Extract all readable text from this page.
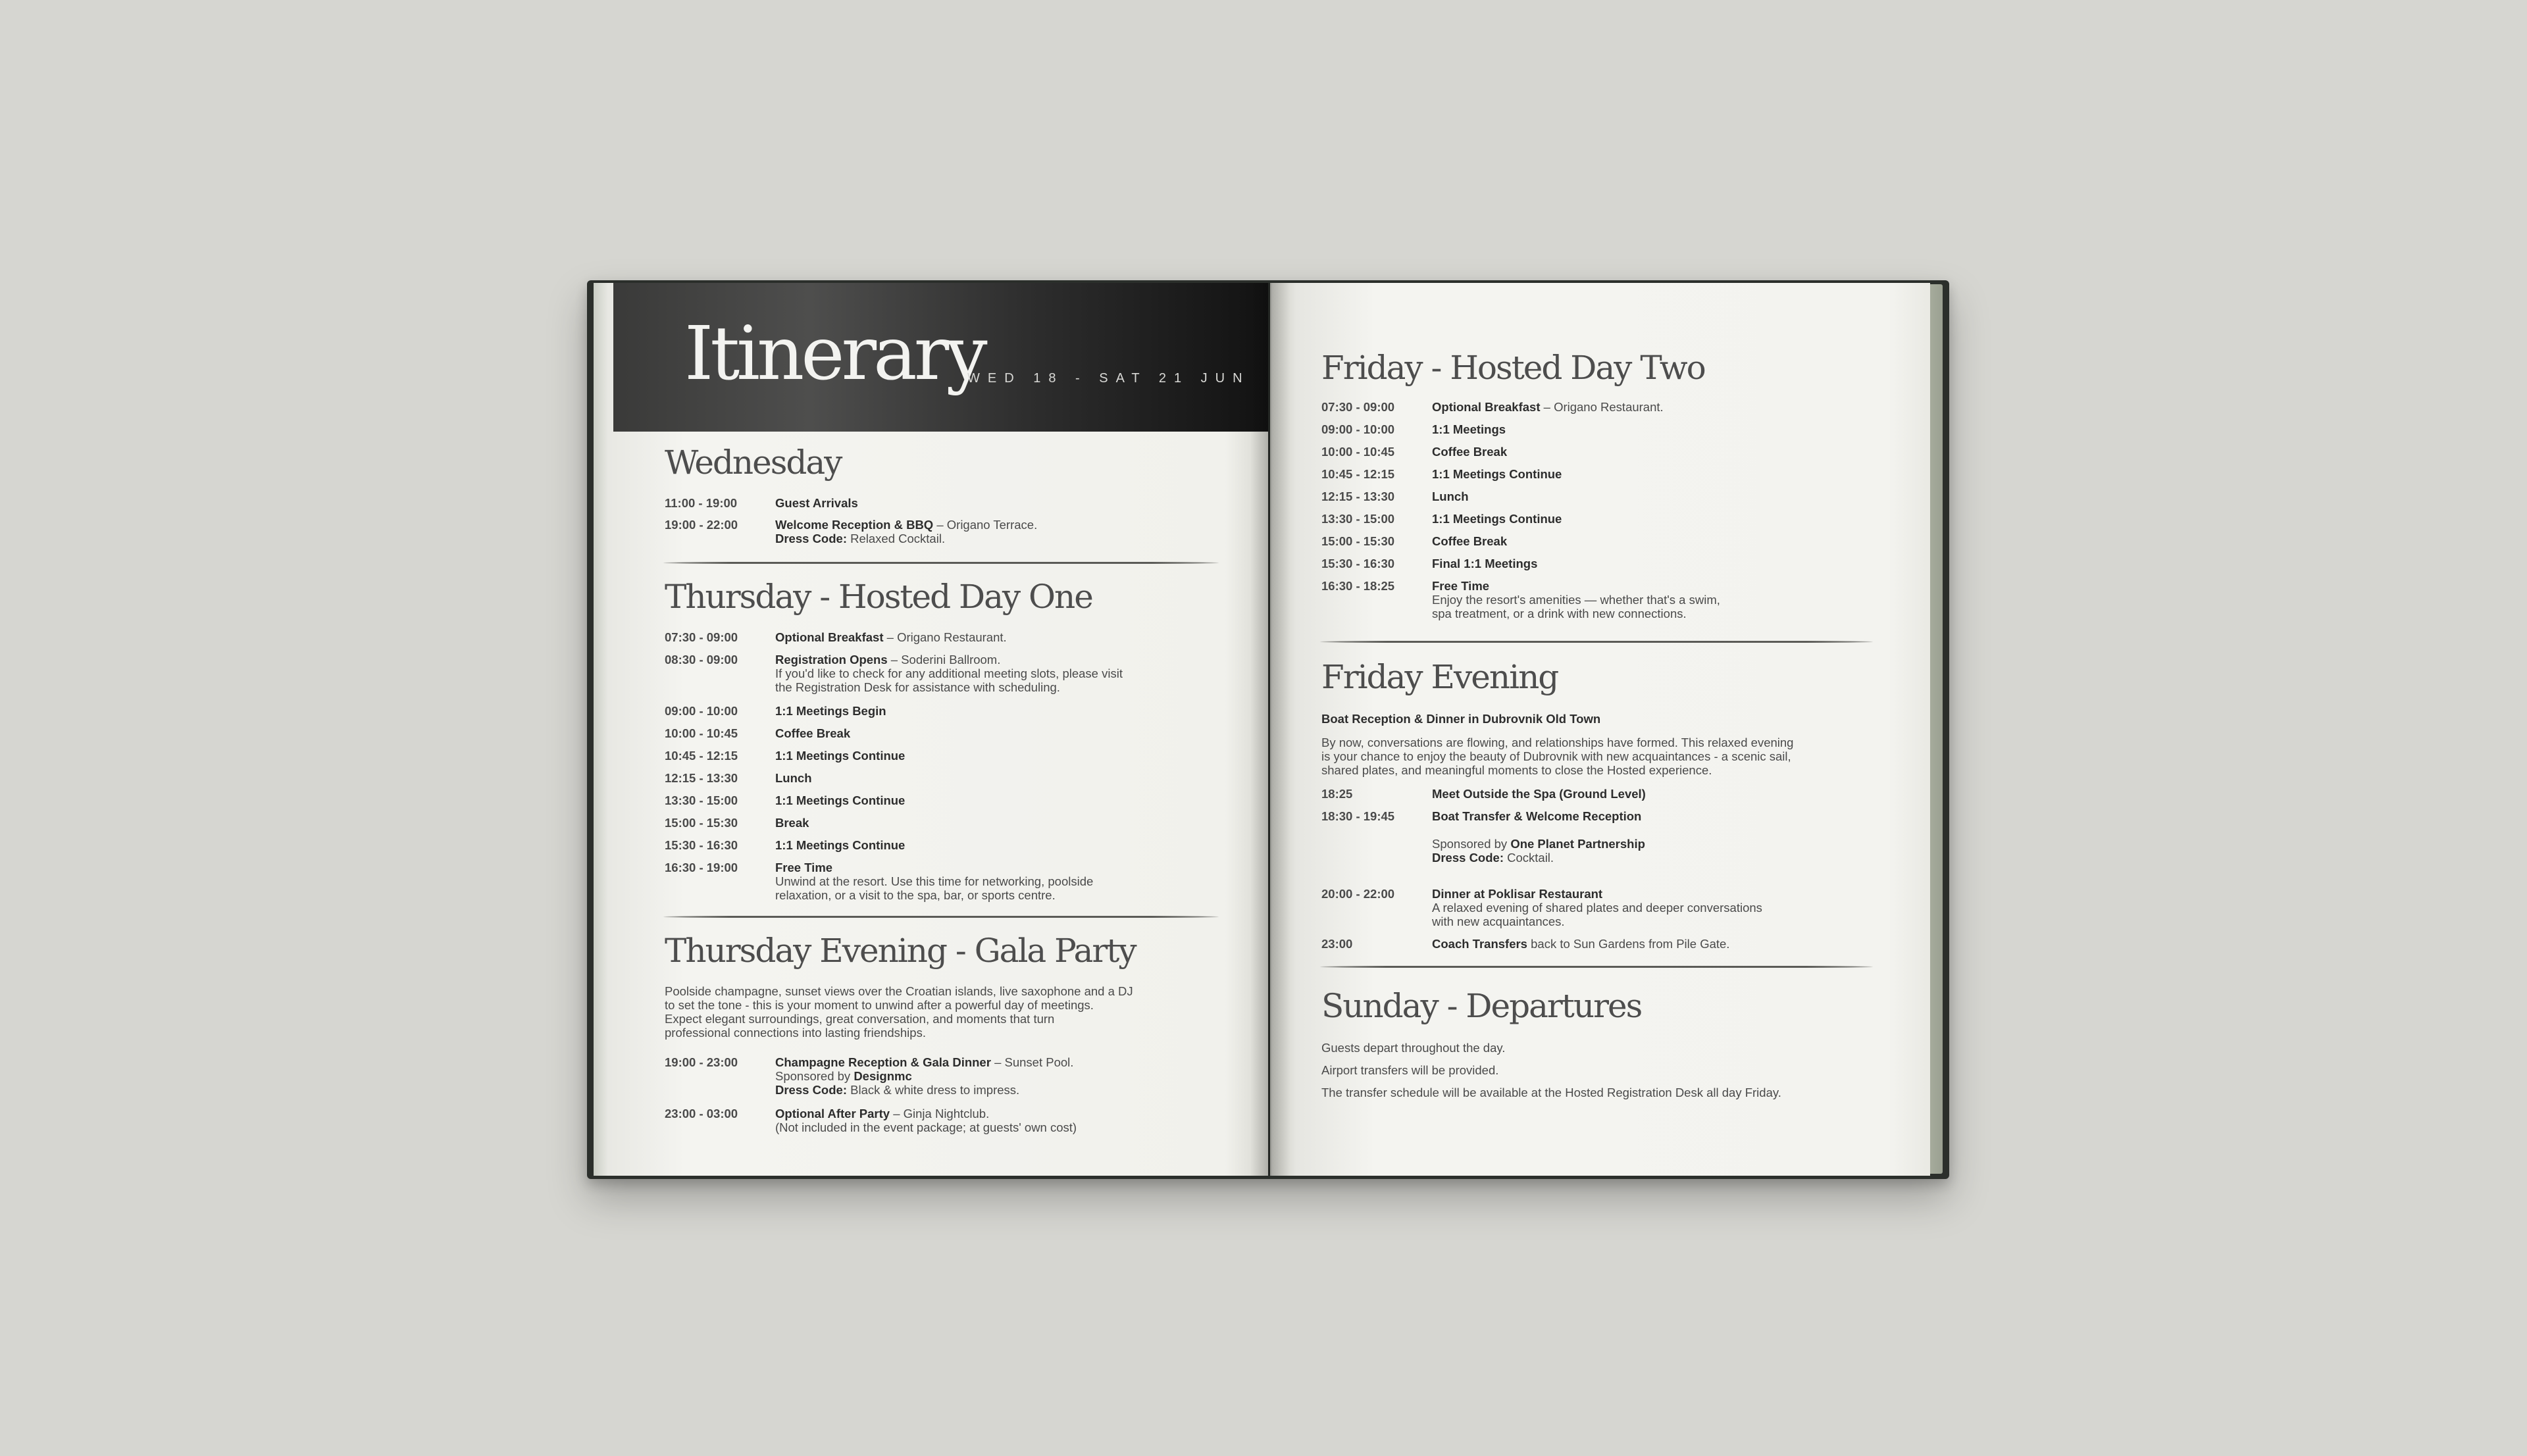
Itinerary
WED 18 - SAT 21 JUN
Wednesday
11:00 - 19:00	Guest Arrivals
19:00 - 22:00	Welcome Reception & BBQ – Origano Terrace.
Dress Code: Relaxed Cocktail.
Thursday - Hosted Day One
07:30 - 09:00	Optional Breakfast – Origano Restaurant.
08:30 - 09:00	Registration Opens – Soderini Ballroom.
If you'd like to check for any additional meeting slots, please visit
the Registration Desk for assistance with scheduling.
09:00 - 10:00	1:1 Meetings Begin
10:00 - 10:45	Coffee Break
10:45 - 12:15	1:1 Meetings Continue
12:15 - 13:30	Lunch
13:30 - 15:00	1:1 Meetings Continue
15:00 - 15:30	Break
15:30 - 16:30	1:1 Meetings Continue
16:30 - 19:00	Free Time
Unwind at the resort. Use this time for networking, poolside
relaxation, or a visit to the spa, bar, or sports centre.
Thursday Evening - Gala Party
Poolside champagne, sunset views over the Croatian islands, live saxophone and a DJ
to set the tone - this is your moment to unwind after a powerful day of meetings.
Expect elegant surroundings, great conversation, and moments that turn
professional connections into lasting friendships.
19:00 - 23:00	Champagne Reception & Gala Dinner – Sunset Pool.
Sponsored by Designmc
Dress Code: Black & white dress to impress.
23:00 - 03:00	Optional After Party – Ginja Nightclub.
(Not included in the event package; at guests' own cost)
Friday - Hosted Day Two
07:30 - 09:00	Optional Breakfast – Origano Restaurant.
09:00 - 10:00	1:1 Meetings
10:00 - 10:45	Coffee Break
10:45 - 12:15	1:1 Meetings Continue
12:15 - 13:30	Lunch
13:30 - 15:00	1:1 Meetings Continue
15:00 - 15:30	Coffee Break
15:30 - 16:30	Final 1:1 Meetings
16:30 - 18:25	Free Time
Enjoy the resort's amenities — whether that's a swim,
spa treatment, or a drink with new connections.
Friday Evening
Boat Reception & Dinner in Dubrovnik Old Town
By now, conversations are flowing, and relationships have formed. This relaxed evening
is your chance to enjoy the beauty of Dubrovnik with new acquaintances - a scenic sail,
shared plates, and meaningful moments to close the Hosted experience.
18:25	Meet Outside the Spa (Ground Level)
18:30 - 19:45	Boat Transfer & Welcome Reception
Sponsored by One Planet Partnership
Dress Code: Cocktail.
20:00 - 22:00	Dinner at Poklisar Restaurant
A relaxed evening of shared plates and deeper conversations
with new acquaintances.
23:00	Coach Transfers back to Sun Gardens from Pile Gate.
Sunday - Departures
Guests depart throughout the day.
Airport transfers will be provided.
The transfer schedule will be available at the Hosted Registration Desk all day Friday.
